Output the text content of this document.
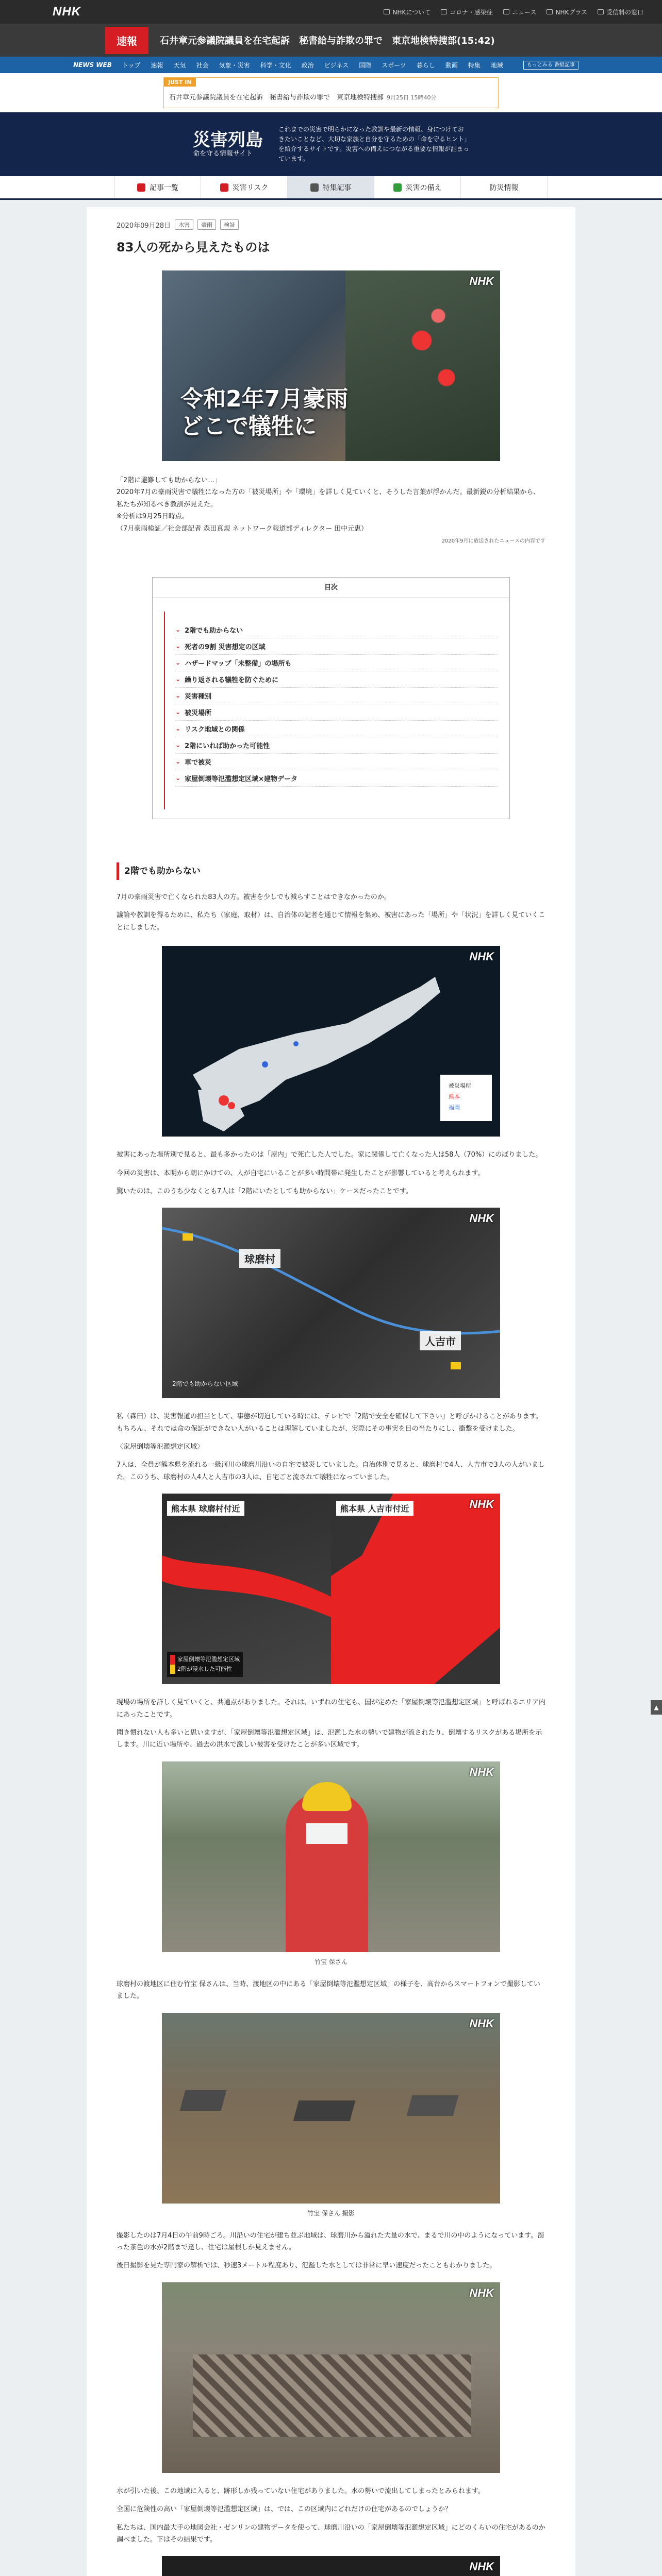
NHK	NHKについて	コロナ・感染症	ニュース	NHKプラス	受信料の窓口
速報	石井章元参議院議員を在宅起訴　秘書給与詐欺の罪で　東京地検特捜部(15:42)
NEWS WEB トップ 速報 天気 社会 気象・災害 科学・文化 政治 ビジネス 国際 スポーツ 暮らし 動画 特集 地域	もっとみる 番組記事
JUST IN
石井章元参議院議員を在宅起訴　秘書給与詐欺の罪で　東京地検特捜部 9月25日 15時40分
災害列島
命を守る情報サイト
これまでの災害で明らかになった教訓や最新の情報、身につけておきたいことなど、大切な家族と自分を守るための「命を守るヒント」を紹介するサイトです。災害への備えにつながる重要な情報が詰まっています。
記事一覧	災害リスク	特集記事	災害の備え	防災情報
2020年09月28日	水害	豪雨	検証
83人の死から見えたものは
NHK
令和2年7月豪雨
どこで犠牲に

「2階に避難しても助からない…」

2020年7月の豪雨災害で犠牲になった方の「被災場所」や「環境」を詳しく見ていくと、そうした言葉が浮かんだ。最新鋭の分析結果から、私たちが知るべき教訓が見えた。

※分析は9月25日時点。

（7月豪雨検証／社会部記者 森田真規 ネットワーク報道部ディレクター 田中元恵）

2020年9月に放送されたニュースの内容です
目次
⌄ 2階でも助からない
⌄ 死者の9割 災害想定の区域
⌄ ハザードマップ「未整備」の場所も
⌄ 繰り返される犠牲を防ぐために
⌄ 災害種別
⌄ 被災場所
⌄ リスク地域との関係
⌄ 2階にいれば助かった可能性
⌄ 車で被災
⌄ 家屋倒壊等氾濫想定区域×建物データ
2階でも助からない

7月の豪雨災害で亡くなられた83人の方。被害を少しでも減らすことはできなかったのか。

議論や教訓を得るために、私たち（家庭、取材）は、自治体の記者を通じて情報を集め、被害にあった「場所」や「状況」を詳しく見ていくことにしました。

被災場所
熊本
福岡
NHK

被害にあった場所別で見ると、最も多かったのは「屋内」で死亡した人でした。家に関係して亡くなった人は58人（70%）にのぼりました。

今回の災害は、本明から朝にかけての、人が自宅にいることが多い時間帯に発生したことが影響していると考えられます。

驚いたのは、このうち少なくとも7人は「2階にいたとしても助からない」ケースだったことです。

球磨村
人吉市
2階でも助からない区域
NHK

私（森田）は、災害報道の担当として、事態が切迫している時には、テレビで『2階で安全を確保して下さい』と呼びかけることがあります。もちろん、それでは命の保証ができない人がいることは理解していましたが、実際にその事実を目の当たりにし、衝撃を受けました。

〈家屋倒壊等氾濫想定区域〉

7人は、全員が熊本県を流れる一級河川の球磨川沿いの自宅で被災していました。自治体別で見ると、球磨村で4人、人吉市で3人の人がいました。このうち、球磨村の人4人と人吉市の3人は、自宅ごと流されて犠牲になっていました。

熊本県 球磨村付近
家屋倒壊等氾濫想定区域
2階が浸水した可能性
熊本県 人吉市付近	NHK

現場の場所を詳しく見ていくと、共通点がありました。それは、いずれの住宅も、国が定めた「家屋倒壊等氾濫想定区域」と呼ばれるエリア内にあったことです。

聞き慣れない人も多いと思いますが、「家屋倒壊等氾濫想定区域」は、氾濫した水の勢いで建物が流されたり、倒壊するリスクがある場所を示します。川に近い場所や、過去の洪水で激しい被害を受けたことが多い区域です。

NHK
竹宝 保さん

球磨村の渡地区に住む竹宝 保さんは、当時、渡地区の中にある「家屋倒壊等氾濫想定区域」の様子を、高台からスマートフォンで撮影していました。

NHK
竹宝 保さん 撮影

撮影したのは7月4日の午前9時ごろ。川沿いの住宅が建ち並ぶ地域は、球磨川から溢れた大量の水で、まるで川の中のようになっています。濁った茶色の水が2階まで達し、住宅は屋根しか見えません。

後日撮影を見た専門家の解析では、秒速3メートル程度あり、氾濫した水としては非常に早い速度だったこともわかりました。

NHK

水が引いた後、この地域に入ると、跡形しか残っていない住宅がありました。水の勢いで流出してしまったとみられます。

全国に危険性の高い「家屋倒壊等氾濫想定区域」は、では、この区域内にどれだけの住宅があるのでしょうか？

私たちは、国内最大手の地図会社・ゼンリンの建物データを使って、球磨川沿いの「家屋倒壊等氾濫想定区域」にどのくらいの住宅があるのか調べました。下はその結果です。

NHK
▲
